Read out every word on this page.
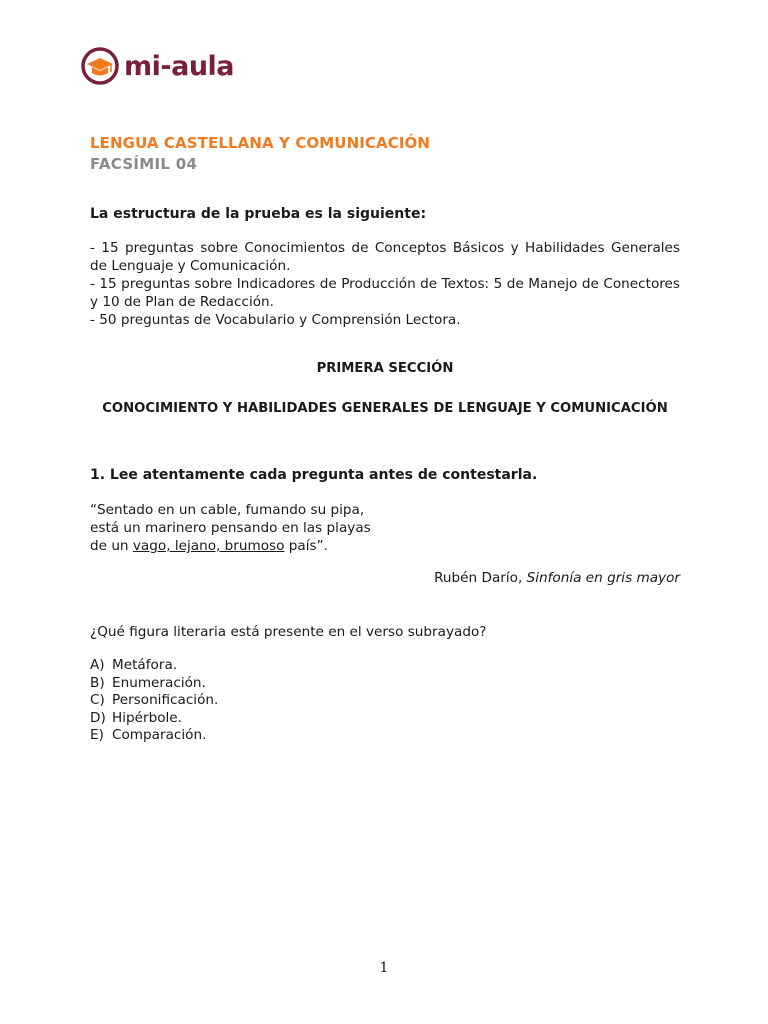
mi-aula
LENGUA CASTELLANA Y COMUNICACIÓN
FACSÍMIL 04
La estructura de la prueba es la siguiente:
- 15 preguntas sobre Conocimientos de Conceptos Básicos y Habilidades Generales de Lenguaje y Comunicación.
- 15 preguntas sobre Indicadores de Producción de Textos: 5 de Manejo de Conectores y 10 de Plan de Redacción.
- 50 preguntas de Vocabulario y Comprensión Lectora.
PRIMERA SECCIÓN
CONOCIMIENTO Y HABILIDADES GENERALES DE LENGUAJE Y COMUNICACIÓN
1. Lee atentamente cada pregunta antes de contestarla.
“Sentado en un cable, fumando su pipa,
está un marinero pensando en las playas
de un vago, lejano, brumoso país”.
Rubén Darío, Sinfonía en gris mayor
¿Qué figura literaria está presente en el verso subrayado?
A) Metáfora.
B) Enumeración.
C) Personificación.
D) Hipérbole.
E) Comparación.
1
